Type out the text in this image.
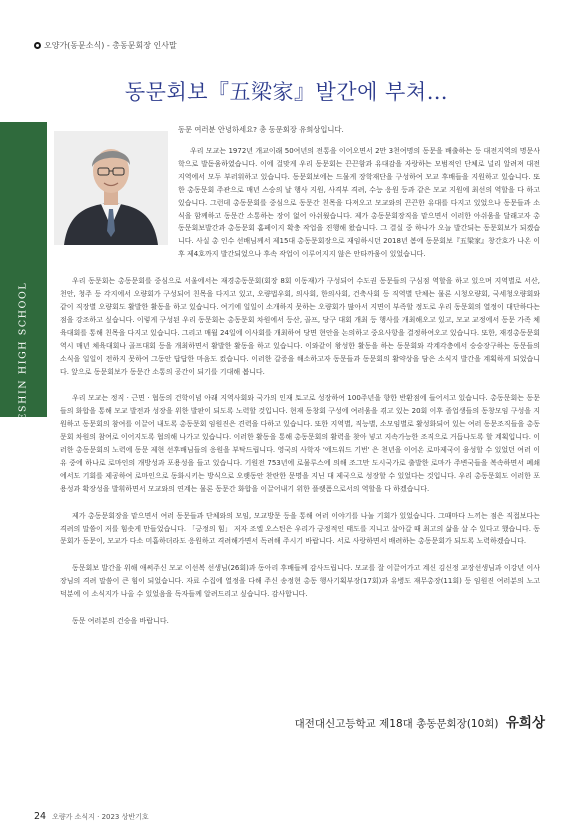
오양가(동문소식) - 총동문회장 인사말
동문회보『五梁家』발간에 부쳐…
DAEJEON DAESHIN HIGH SCHOOL
동문 여러분 안녕하세요? 총 동문회장 유희상입니다.

우리 모교는 1972년 개교이래 50여년의 전통을 이어오면서 2만 3천여명의 동문을 배출하는 등 대전지역의 명문사학으로 발돋움하였습니다. 이에 걸맞게 우리 동문회는 끈끈함과 유대감을 자랑하는 모범적인 단체로 널리 알려져 대전지역에서 모두 부러워하고 있습니다. 동문회보에는 드물게 장학재단을 구성하여 모교 후배들을 지원하고 있습니다. 또한 총동문회 주관으로 매년 스승의 날 행사 지원, 사격부 격려, 수능 응원 등과 같은 모교 지원에 최선의 역할을 다 하고 있습니다. 그런데 총동문회를 중심으로 동문간 친목을 다져오고 모교와의 끈끈한 유대를 다지고 있었으나 동문들과 소식을 함께하고 동문간 소통하는 장이 없어 아쉬웠습니다. 제가 총동문회장직을 맡으면서 이러한 아쉬움을 달래고자 총동문회보발간과 총동문회 홈페이지 확충 작업을 진행해 왔습니다. 그 결실 중 하나가 오늘 발간되는 동문회보가 되겠습니다. 사실 총 인수 선배님께서 제15대 총동문회장으로 재임하시던 2018년 봄에 동문회보『五梁家』창간호가 나온 이후 제4호까지 발간되었으나 후속 작업이 이루어지지 않은 안타까움이 있었습니다.

우리 동문회는 총동문회를 중심으로 서울에서는 재경총동문회(회장 8회 이동재)가 구성되어 수도권 동문들의 구심점 역할을 하고 있으며 지역별로 서산, 천안, 청주 등 각지에서 오량회가 구성되어 친목을 다지고 있고, 오량법우회, 의사회, 한의사회, 건축사회 등 직역별 단체는 물론 시청오량회, 국세청오량회와 같이 직장별 오량회도 활발한 활동을 하고 있습니다. 여기에 일일이 소개하지 못하는 오량회가 많아서 지면이 부족할 정도로 우리 동문회의 열정이 대단하다는 점을 강조하고 싶습니다. 이렇게 구성된 우리 동문회는 총동문회 차원에서 등산, 골프, 당구 대회 개최 등 행사를 개최해오고 있고, 모교 교정에서 동문 가족 체육대회를 통해 친목을 다지고 있습니다. 그리고 매월 24일에 이사회를 개최하여 당면 현안을 논의하고 중요사항을 결정하여오고 있습니다. 또한, 재경총동문회 역시 매년 체육대회나 골프대회 등을 개최하면서 활발한 활동을 하고 있습니다. 이와같이 왕성한 활동을 하는 동문회와 각계각층에서 승승장구하는 동문들의 소식을 일일이 전하지 못하여 그동안 답답한 마음도 컸습니다. 이러한 갈증을 해소하고자 동문들과 동문회의 활약상을 담은 소식지 발간을 계획하게 되었습니다. 앞으로 동문회보가 동문간 소통의 공간이 되기를 기대해 봅니다.

우리 모교는 정직 · 근면 · 협동의 건학이념 아래 지역사회와 국가의 인재 토고로 성장하여 100주년을 향한 반환점에 들어서고 있습니다. 총동문회는 동문들의 화합을 통해 모교 발전과 성장을 위한 발판이 되도록 노력할 것입니다. 현재 동창회 구성에 여러움을 겪고 있는 20회 이후 졸업생들의 동창모임 구성을 지원하고 동문회의 참여를 이끌어 내도록 총동문회 임원진은 견력을 다하고 있습니다. 또한 지역별, 직능별, 소모임별로 활성화되어 있는 여러 동문조직들을 총동문회 차원의 참여로 이어지도록 협의해 나가고 있습니다. 이러한 활동을 통해 총동문회의 활력을 찾아 넣고 지속가능한 조직으로 거듭나도록 할 계획입니다. 이러한 총동문회의 노력에 동문 제현 선후배님들의 응원을 부탁드립니다. 영국의 사학자 '에드워드 기번' 은 천년을 이어온 로마제국이 융성할 수 있었던 여러 이유 중에 하나로 로마인의 개방성과 포용성을 들고 있습니다. 기원전 753년에 로물루스에 의해 조그만 도시국가로 출발한 로마가 주변국들을 복속하면서 폐쇄에서도 기회를 제공하여 로마인으로 동화시키는 방식으로 오랫동안 찬란한 문명을 지닌 대 제국으로 성장할 수 있었다는 것입니다. 우리 총동문회도 이러한 포용성과 확장성을 발휘하면서 모교와의 연계는 물론 동문간 화합을 이끌어내기 위한 플랫폼으로서의 역할을 다 하겠습니다.

제가 총동문회장을 맡으면서 여러 동문들과 단체와의 모임, 모교방문 등을 통해 여러 이야기를 나눌 기회가 있었습니다. 그때마다 느끼는 점은 직접보다는 격려의 말씀이 저를 힘솟게 만들었습니다. 「긍정의 힘」 저자 조엘 오스틴은 우리가 긍정적인 태도를 지니고 살아갈 때 최고의 삶을 살 수 있다고 했습니다. 동문회가 동문이, 모교가 다소 미흡하더라도 응원하고 격려해가면서 독려해 주시기 바랍니다. 서로 사랑하면서 배려하는 총동문회가 되도록 노력하겠습니다.

동문회보 발간을 위해 애써주신 모교 이선복 선생님(26회)과 동아리 후배들께 감사드립니다. 모교를 잘 이끌어가고 계신 김신정 교장선생님과 이강년 이사장님의 격려 말씀이 큰 힘이 되었습니다. 자료 수집에 열정을 다해 주신 송정현 총동 행사기획부장(17회)과 유병도 재무총장(11회) 등 임원진 여러분의 노고 덕분에 이 소식지가 나올 수 있었음을 독자들께 알려드리고 싶습니다. 감사합니다.

동문 여러분의 건승을 바랍니다.

대전대신고등학교 제18대 총동문회장(10회) 유희상
24 오량가 소식지 · 2023 상반기호
